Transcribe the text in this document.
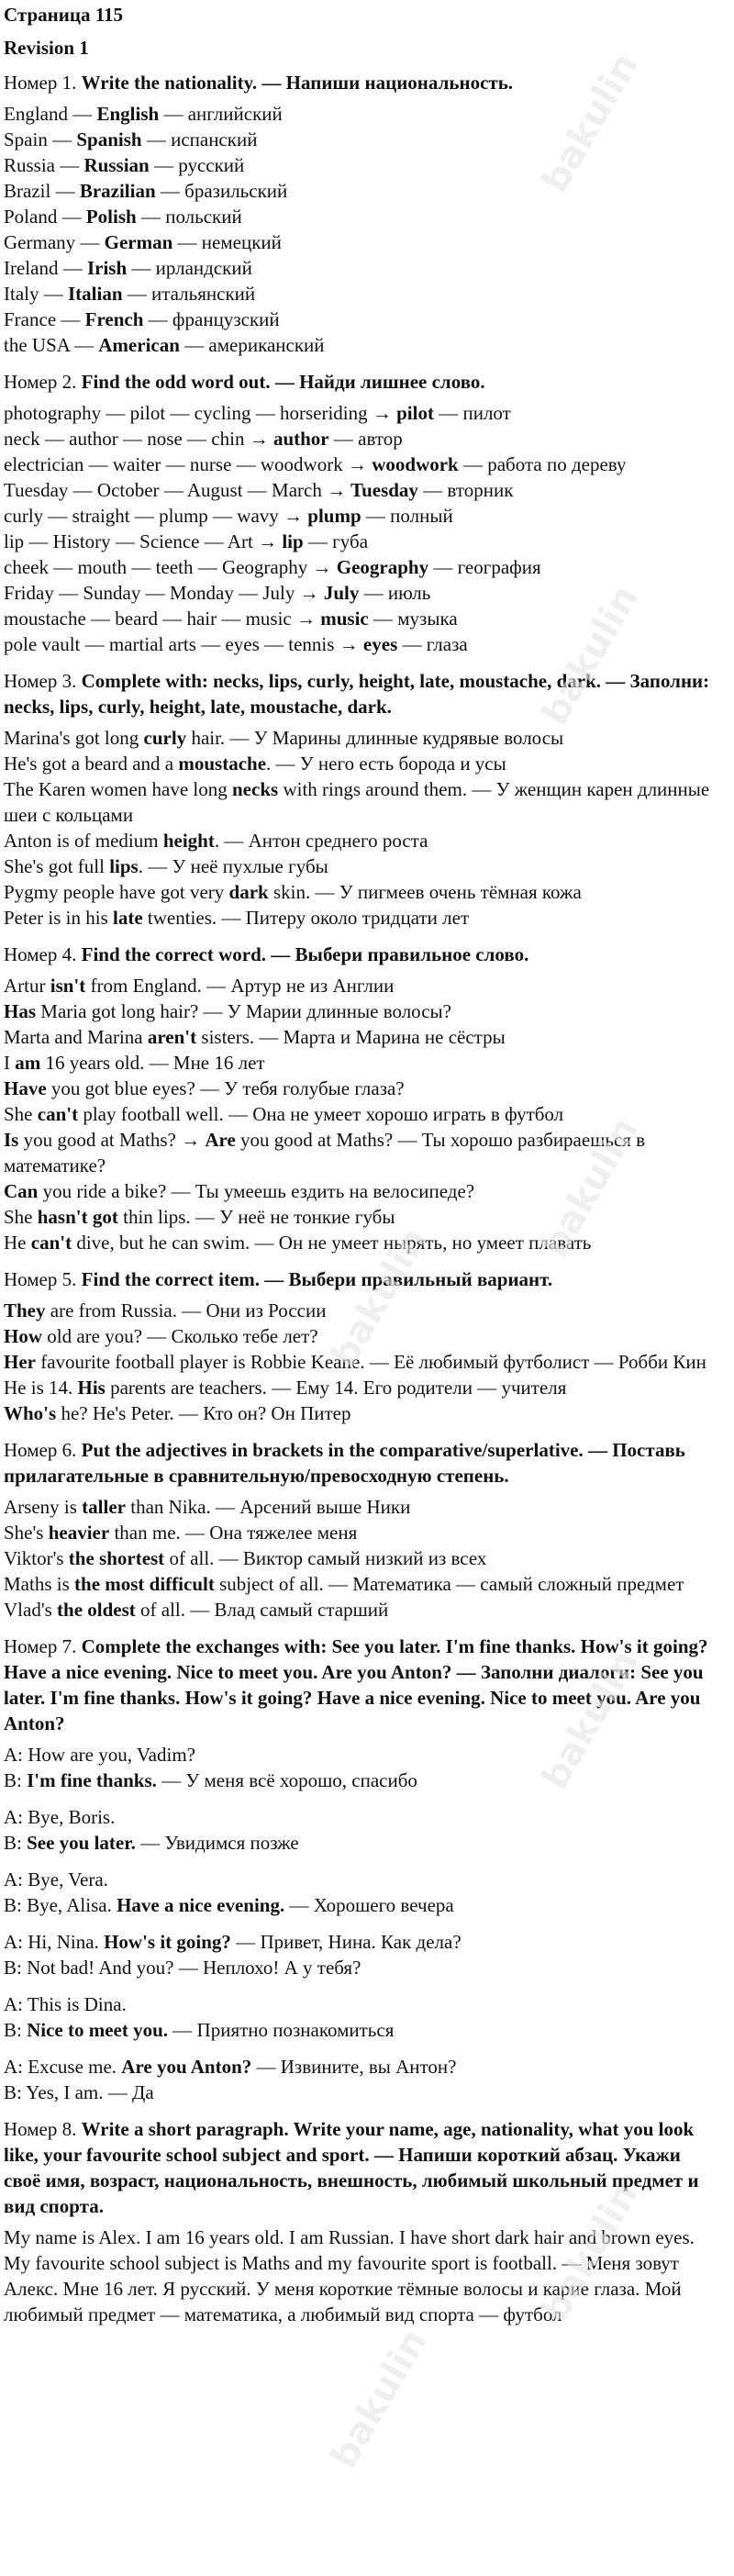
Страница 115
Revision 1
Номер 1. Write the nationality. — Напиши национальность.
England — English — английский
Spain — Spanish — испанский
Russia — Russian — русский
Brazil — Brazilian — бразильский
Poland — Polish — польский
Germany — German — немецкий
Ireland — Irish — ирландский
Italy — Italian — итальянский
France — French — французский
the USA — American — американский
Номер 2. Find the odd word out. — Найди лишнее слово.
photography — pilot — cycling — horseriding → pilot — пилот
neck — author — nose — chin → author — автор
electrician — waiter — nurse — woodwork → woodwork — работа по дереву
Tuesday — October — August — March → Tuesday — вторник
curly — straight — plump — wavy → plump — полный
lip — History — Science — Art → lip — губа
cheek — mouth — teeth — Geography → Geography — география
Friday — Sunday — Monday — July → July — июль
moustache — beard — hair — music → music — музыка
pole vault — martial arts — eyes — tennis → eyes — глаза
Номер 3. Complete with: necks, lips, curly, height, late, moustache, dark. — Заполни: necks, lips, curly, height, late, moustache, dark.
Marina's got long curly hair. — У Марины длинные кудрявые волосы
He's got a beard and a moustache. — У него есть борода и усы
The Karen women have long necks with rings around them. — У женщин карен длинные шеи с кольцами
Anton is of medium height. — Антон среднего роста
She's got full lips. — У неё пухлые губы
Pygmy people have got very dark skin. — У пигмеев очень тёмная кожа
Peter is in his late twenties. — Питеру около тридцати лет
Номер 4. Find the correct word. — Выбери правильное слово.
Artur isn't from England. — Артур не из Англии
Has Maria got long hair? — У Марии длинные волосы?
Marta and Marina aren't sisters. — Марта и Марина не сёстры
I am 16 years old. — Мне 16 лет
Have you got blue eyes? — У тебя голубые глаза?
She can't play football well. — Она не умеет хорошо играть в футбол
Is you good at Maths? → Are you good at Maths? — Ты хорошо разбираешься в математике?
Can you ride a bike? — Ты умеешь ездить на велосипеде?
She hasn't got thin lips. — У неё не тонкие губы
He can't dive, but he can swim. — Он не умеет нырять, но умеет плавать
Номер 5. Find the correct item. — Выбери правильный вариант.
They are from Russia. — Они из России
How old are you? — Сколько тебе лет?
Her favourite football player is Robbie Keane. — Её любимый футболист — Робби Кин
He is 14. His parents are teachers. — Ему 14. Его родители — учителя
Who's he? He's Peter. — Кто он? Он Питер
Номер 6. Put the adjectives in brackets in the comparative/superlative. — Поставь прилагательные в сравнительную/превосходную степень.
Arseny is taller than Nika. — Арсений выше Ники
She's heavier than me. — Она тяжелее меня
Viktor's the shortest of all. — Виктор самый низкий из всех
Maths is the most difficult subject of all. — Математика — самый сложный предмет
Vlad's the oldest of all. — Влад самый старший
Номер 7. Complete the exchanges with: See you later. I'm fine thanks. How's it going? Have a nice evening. Nice to meet you. Are you Anton? — Заполни диалоги: See you later. I'm fine thanks. How's it going? Have a nice evening. Nice to meet you. Are you Anton?
A: How are you, Vadim?
B: I'm fine thanks. — У меня всё хорошо, спасибо
A: Bye, Boris.
B: See you later. — Увидимся позже
A: Bye, Vera.
B: Bye, Alisa. Have a nice evening. — Хорошего вечера
A: Hi, Nina. How's it going? — Привет, Нина. Как дела?
B: Not bad! And you? — Неплохо! А у тебя?
A: This is Dina.
B: Nice to meet you. — Приятно познакомиться
A: Excuse me. Are you Anton? — Извините, вы Антон?
B: Yes, I am. — Да
Номер 8. Write a short paragraph. Write your name, age, nationality, what you look like, your favourite school subject and sport. — Напиши короткий абзац. Укажи своё имя, возраст, национальность, внешность, любимый школьный предмет и вид спорта.
My name is Alex. I am 16 years old. I am Russian. I have short dark hair and brown eyes. My favourite school subject is Maths and my favourite sport is football. — Меня зовут Алекс. Мне 16 лет. Я русский. У меня короткие тёмные волосы и карие глаза. Мой любимый предмет — математика, а любимый вид спорта — футбол
bakulin
bakulin
bakulin
bakulin
bakulin
bakulin
bakulin
